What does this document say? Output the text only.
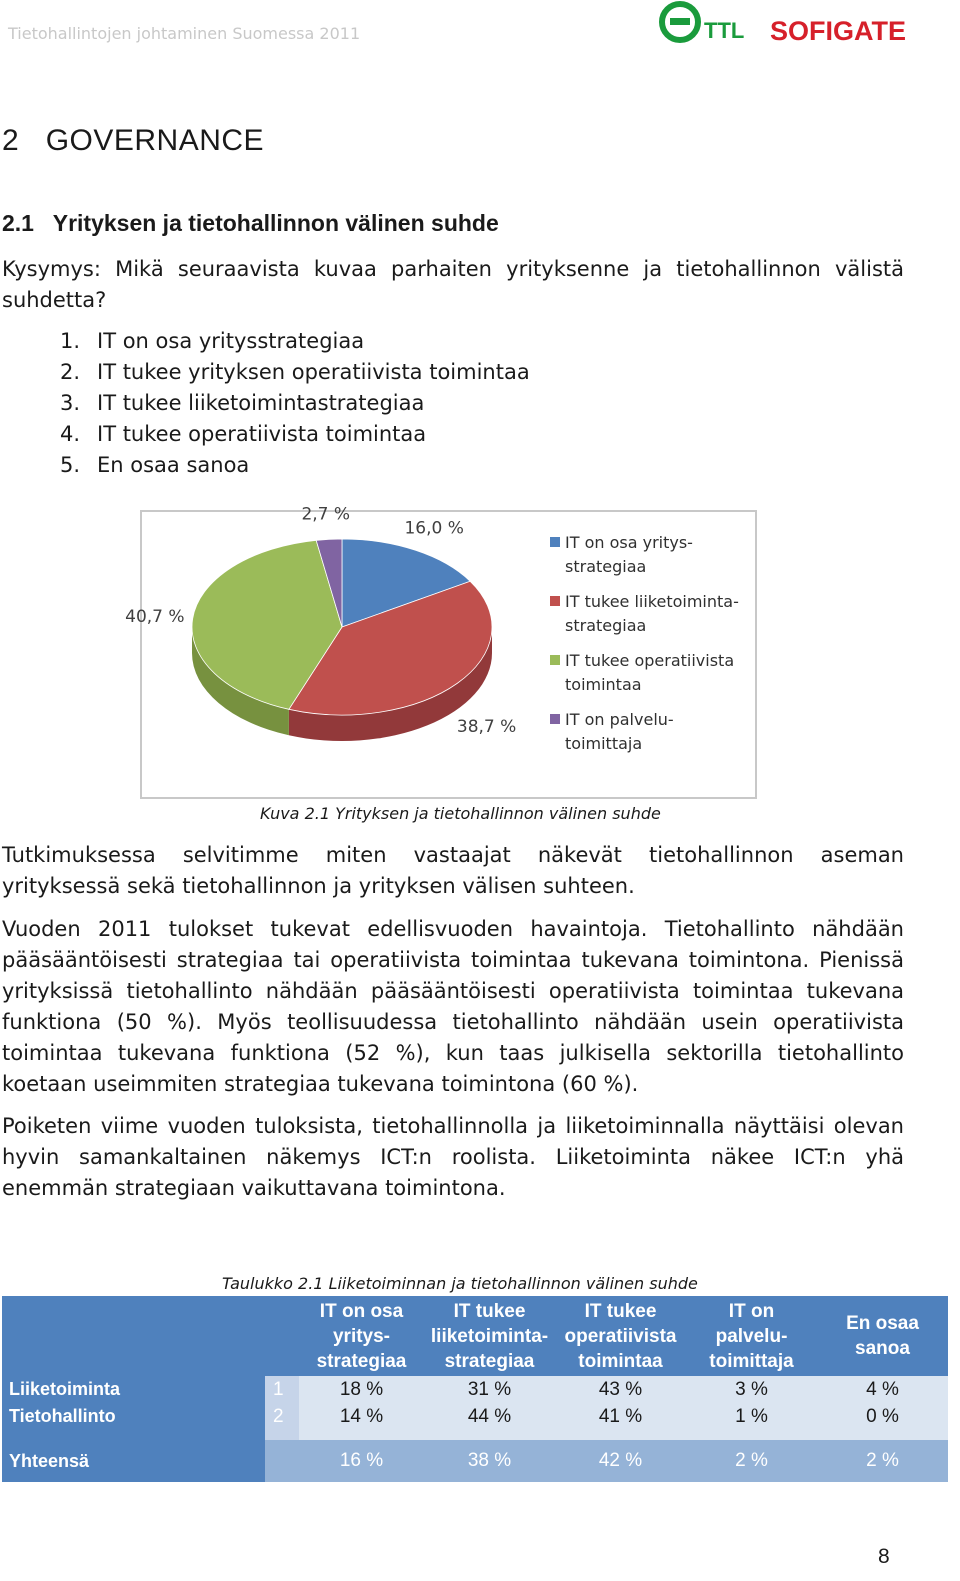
Tietohallintojen johtaminen Suomessa 2011	TTL SOFIGATE
2   GOVERNANCE
2.1   Yrityksen ja tietohallinnon välinen suhde
Kysymys: Mikä seuraavista kuvaa parhaiten yrityksenne ja tietohallinnon välistä suhdetta?
1. IT on osa yritysstrategiaa
2. IT tukee yrityksen operatiivista toimintaa
3. IT tukee liiketoimintastrategiaa
4. IT tukee operatiivista toimintaa
5. En osaa sanoa
16,0 %
38,7 %
40,7 %
2,7 %
IT on osa yritys-
strategiaa
IT tukee liiketoiminta-
strategiaa
IT tukee operatiivista
toimintaa
IT on palvelu-
toimittaja
Kuva 2.1 Yrityksen ja tietohallinnon välinen suhde
Tutkimuksessa selvitimme miten vastaajat näkevät tietohallinnon aseman yrityksessä sekä tietohallinnon ja yrityksen välisen suhteen.
Vuoden 2011 tulokset tukevat edellisvuoden havaintoja. Tietohallinto nähdään pääsääntöisesti strategiaa tai operatiivista toimintaa tukevana toimintona. Pienissä yrityksissä tietohallinto nähdään pääsääntöisesti operatiivista toimintaa tukevana funktiona (50 %). Myös teollisuudessa tietohallinto nähdään usein operatiivista toimintaa tukevana funktiona (52 %), kun taas julkisella sektorilla tietohallinto koetaan useimmiten strategiaa tukevana toimintona (60 %).
Poiketen viime vuoden tuloksista, tietohallinnolla ja liiketoiminnalla näyttäisi olevan hyvin samankaltainen näkemys ICT:n roolista. Liiketoiminta näkee ICT:n yhä enemmän strategiaan vaikuttavana toimintona.
Taulukko 2.1 Liiketoiminnan ja tietohallinnon välinen suhde
		IT on osa
yritys-
strategiaa	IT tukee
liiketoiminta-
strategiaa	IT tukee
operatiivista
toimintaa	IT on
palvelu-
toimittaja	En osaa
sanoa
Liiketoiminta	1	18 %	31 %	43 %	3 %	4 %
Tietohallinto	2	14 %	44 %	41 %	1 %	0 %

Yhteensä		16 %	38 %	42 %	2 %	2 %
8
